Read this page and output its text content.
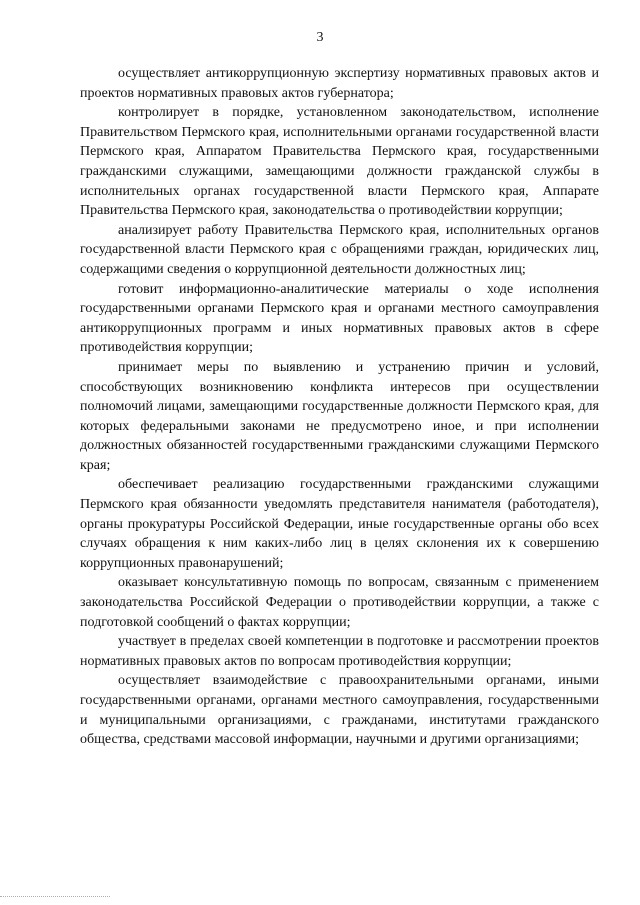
3

осуществляет антикоррупционную экспертизу нормативных правовых актов и проектов нормативных правовых актов губернатора;

контролирует в порядке, установленном законодательством, исполнение Правительством Пермского края, исполнительными органами государственной власти Пермского края, Аппаратом Правительства Пермского края, государственными гражданскими служащими, замещающими должности гражданской службы в исполнительных органах государственной власти Пермского края, Аппарате Правительства Пермского края, законодательства о противодействии коррупции;

анализирует работу Правительства Пермского края, исполнительных органов государственной власти Пермского края с обращениями граждан, юридических лиц, содержащими сведения о коррупционной деятельности должностных лиц;

готовит информационно-аналитические материалы о ходе исполнения государственными органами Пермского края и органами местного самоуправления антикоррупционных программ и иных нормативных правовых актов в сфере противодействия коррупции;

принимает меры по выявлению и устранению причин и условий, способствующих возникновению конфликта интересов при осуществлении полномочий лицами, замещающими государственные должности Пермского края, для которых федеральными законами не предусмотрено иное, и при исполнении должностных обязанностей государственными гражданскими служащими Пермского края;

обеспечивает реализацию государственными гражданскими служащими Пермского края обязанности уведомлять представителя нанимателя (работодателя), органы прокуратуры Российской Федерации, иные государственные органы обо всех случаях обращения к ним каких-либо лиц в целях склонения их к совершению коррупционных правонарушений;

оказывает консультативную помощь по вопросам, связанным с применением законодательства Российской Федерации о противодействии коррупции, а также с подготовкой сообщений о фактах коррупции;

участвует в пределах своей компетенции в подготовке и рассмотрении проектов нормативных правовых актов по вопросам противодействия коррупции;

осуществляет взаимодействие с правоохранительными органами, иными государственными органами, органами местного самоуправления, государственными и муниципальными организациями, с гражданами, институтами гражданского общества, средствами массовой информации, научными и другими организациями;
